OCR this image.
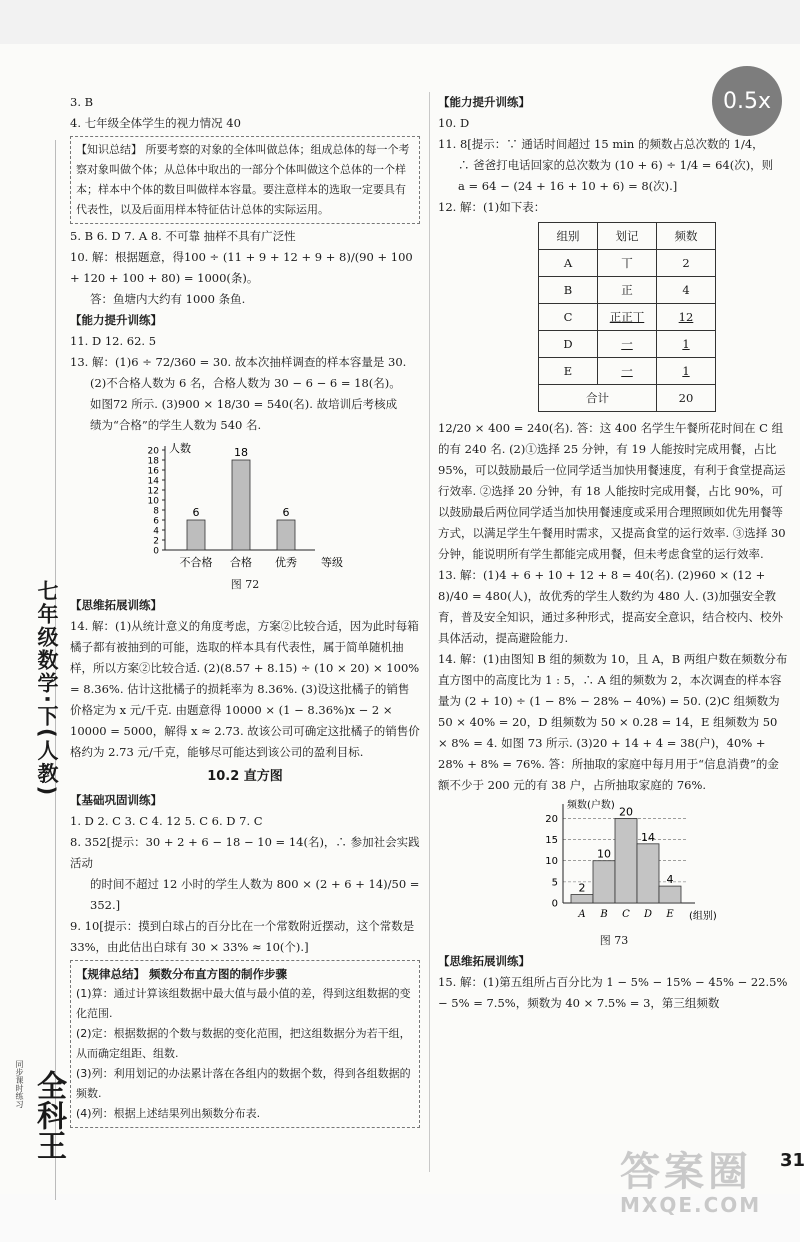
0.5x
七年级数学·下(人教)
同步课时练习 全科王

3. B

4. 七年级全体学生的视力情况 40

【知识总结】 所要考察的对象的全体叫做总体；组成总体的每一个考察对象叫做个体；从总体中取出的一部分个体叫做这个总体的一个样本；样本中个体的数目叫做样本容量。要注意样本的选取一定要具有代表性，以及后面用样本特征估计总体的实际运用。

5. B 6. D 7. A 8. 不可靠 抽样不具有广泛性

10. 解：根据题意，得100 ÷ (11 + 9 + 12 + 9 + 8)/(90 + 100 + 120 + 100 + 80) = 1000(条)。

答：鱼塘内大约有 1000 条鱼.

【能力提升训练】

11. D 12. 62. 5

13. 解：(1)6 ÷ 72/360 = 30. 故本次抽样调查的样本容量是 30.

(2)不合格人数为 6 名，合格人数为 30 − 6 − 6 = 18(名)。

如图72 所示. (3)900 × 18/30 = 540(名). 故培训后考核成

绩为“合格”的学生人数为 540 名.

人数
等级
0
2
4
6
8
10
12
14
16
18
20
6
不合格
18
合格
6
优秀

图 72

【思维拓展训练】

14. 解：(1)从统计意义的角度考虑，方案②比较合适，因为此时每箱橘子都有被抽到的可能，选取的样本具有代表性，属于简单随机抽样，所以方案②比较合适. (2)(8.57 + 8.15) ÷ (10 × 20) × 100% = 8.36%. 估计这批橘子的损耗率为 8.36%. (3)设这批橘子的销售价格定为 x 元/千克. 由题意得 10000 × (1 − 8.36%)x − 2 × 10000 = 5000，解得 x ≈ 2.73. 故该公司可确定这批橘子的销售价格约为 2.73 元/千克，能够尽可能达到该公司的盈利目标.

10.2 直方图

【基础巩固训练】

1. D 2. C 3. C 4. 12 5. C 6. D 7. C

8. 352[提示：30 + 2 + 6 − 18 − 10 = 14(名)，∴ 参加社会实践活动

的时间不超过 12 小时的学生人数为 800 × (2 + 6 + 14)/50 = 352.]

9. 10[提示：摸到白球占的百分比在一个常数附近摆动，这个常数是 33%，由此估出白球有 30 × 33% ≈ 10(个).]

【规律总结】 频数分布直方图的制作步骤
(1)算：通过计算该组数据中最大值与最小值的差，得到这组数据的变化范围.
(2)定：根据数据的个数与数据的变化范围，把这组数据分为若干组，从而确定组距、组数.
(3)列：利用划记的办法累计落在各组内的数据个数，得到各组数据的频数.
(4)列：根据上述结果列出频数分布表.

【能力提升训练】

10. D

11. 8[提示：∵ 通话时间超过 15 min 的频数占总次数的 1/4，

∴ 爸爸打电话回家的总次数为 (10 + 6) ÷ 1/4 = 64(次)，则

a = 64 − (24 + 16 + 10 + 6) = 8(次).]

12. 解：(1)如下表：

组别	划记	频数
A	丅	2
B	正	4
C	正正丅	12
D	一	1
E	一	1
合计		20

12/20 × 400 = 240(名). 答：这 400 名学生午餐所花时间在 C 组的有 240 名. (2)①选择 25 分钟，有 19 人能按时完成用餐，占比 95%，可以鼓励最后一位同学适当加快用餐速度，有利于食堂提高运行效率. ②选择 20 分钟，有 18 人能按时完成用餐，占比 90%，可以鼓励最后两位同学适当加快用餐速度或采用合理照顾如优先用餐等方式，以满足学生午餐用时需求，又提高食堂的运行效率. ③选择 30 分钟，能说明所有学生都能完成用餐，但未考虑食堂的运行效率.

13. 解：(1)4 + 6 + 10 + 12 + 8 = 40(名). (2)960 × (12 + 8)/40 = 480(人)，故优秀的学生人数约为 480 人. (3)加强安全教育，普及安全知识，通过多种形式，提高安全意识，结合校内、校外具体活动，提高避险能力.

14. 解：(1)由图知 B 组的频数为 10，且 A，B 两组户数在频数分布直方图中的高度比为 1 : 5，∴ A 组的频数为 2，本次调查的样本容量为 (2 + 10) ÷ (1 − 8% − 28% − 40%) = 50. (2)C 组频数为 50 × 40% = 20，D 组频数为 50 × 0.28 = 14，E 组频数为 50 × 8% = 4. 如图 73 所示. (3)20 + 14 + 4 = 38(户)，40% + 28% + 8% = 76%. 答：所抽取的家庭中每月用于“信息消费”的金额不少于 200 元的有 38 户，占所抽取家庭的 76%.

0
5
10
15
20
频数(户数)
(组别)
2
A
10
B
20
C
14
D
4
E

图 73

【思维拓展训练】

15. 解：(1)第五组所占百分比为 1 − 5% − 15% − 45% − 22.5% − 5% = 7.5%，频数为 40 × 7.5% = 3，第三组频数

31
答案圈
MXQE.COM
